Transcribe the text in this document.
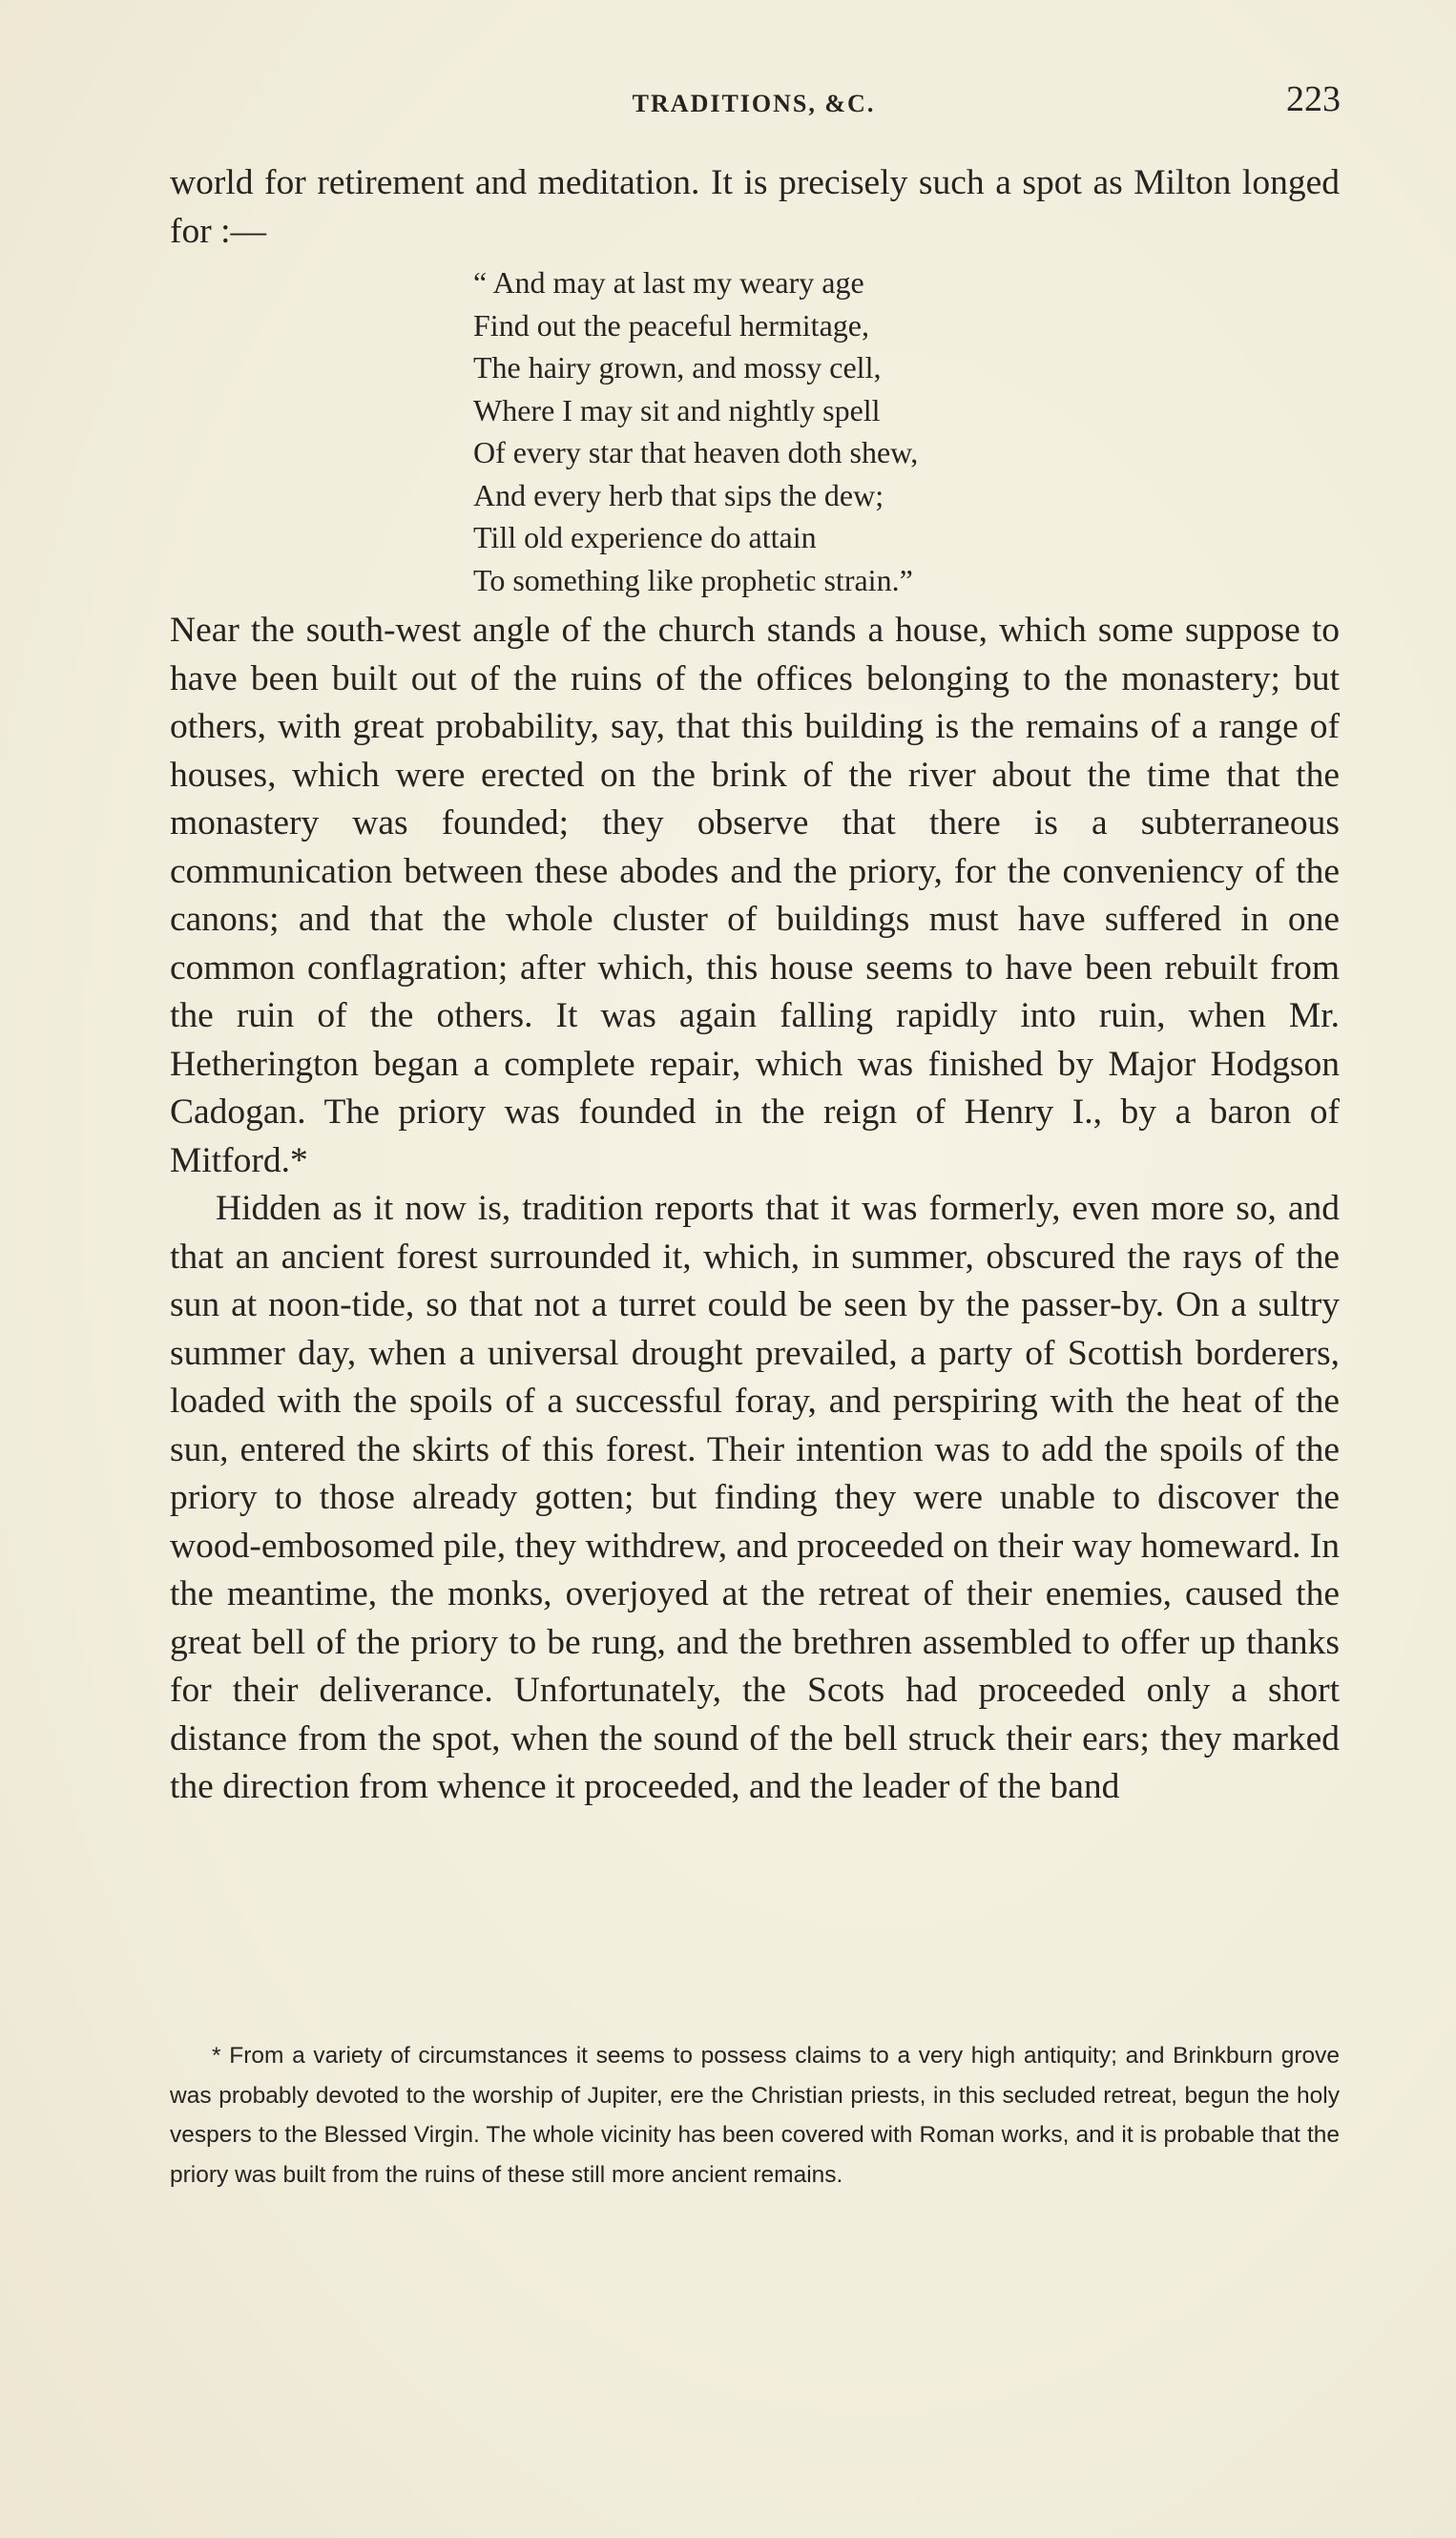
TRADITIONS, &C.	223

world for retirement and meditation. It is precisely such a spot as Milton longed for :—

“ And may at last my weary age
Find out the peaceful hermitage,
The hairy grown, and mossy cell,
Where I may sit and nightly spell
Of every star that heaven doth shew,
And every herb that sips the dew;
Till old experience do attain
To something like prophetic strain.”

Near the south-west angle of the church stands a house, which some suppose to have been built out of the ruins of the offices belonging to the monastery; but others, with great probability, say, that this building is the remains of a range of houses, which were erected on the brink of the river about the time that the monastery was founded; they observe that there is a subterraneous communication between these abodes and the priory, for the conveniency of the canons; and that the whole cluster of buildings must have suffered in one common conflagration; after which, this house seems to have been rebuilt from the ruin of the others. It was again falling rapidly into ruin, when Mr. Hetherington began a complete repair, which was finished by Major Hodgson Cadogan. The priory was founded in the reign of Henry I., by a baron of Mitford.*

Hidden as it now is, tradition reports that it was formerly, even more so, and that an ancient forest surrounded it, which, in summer, obscured the rays of the sun at noon-tide, so that not a turret could be seen by the passer-by. On a sultry summer day, when a universal drought prevailed, a party of Scottish borderers, loaded with the spoils of a successful foray, and perspiring with the heat of the sun, entered the skirts of this forest. Their intention was to add the spoils of the priory to those already gotten; but finding they were unable to discover the wood-embosomed pile, they withdrew, and proceeded on their way homeward. In the meantime, the monks, overjoyed at the retreat of their enemies, caused the great bell of the priory to be rung, and the brethren assembled to offer up thanks for their deliverance. Unfortunately, the Scots had proceeded only a short distance from the spot, when the sound of the bell struck their ears; they marked the direction from whence it proceeded, and the leader of the band

* From a variety of circumstances it seems to possess claims to a very high antiquity; and Brinkburn grove was probably devoted to the worship of Jupiter, ere the Christian priests, in this secluded retreat, begun the holy vespers to the Blessed Virgin. The whole vicinity has been covered with Roman works, and it is probable that the priory was built from the ruins of these still more ancient remains.
